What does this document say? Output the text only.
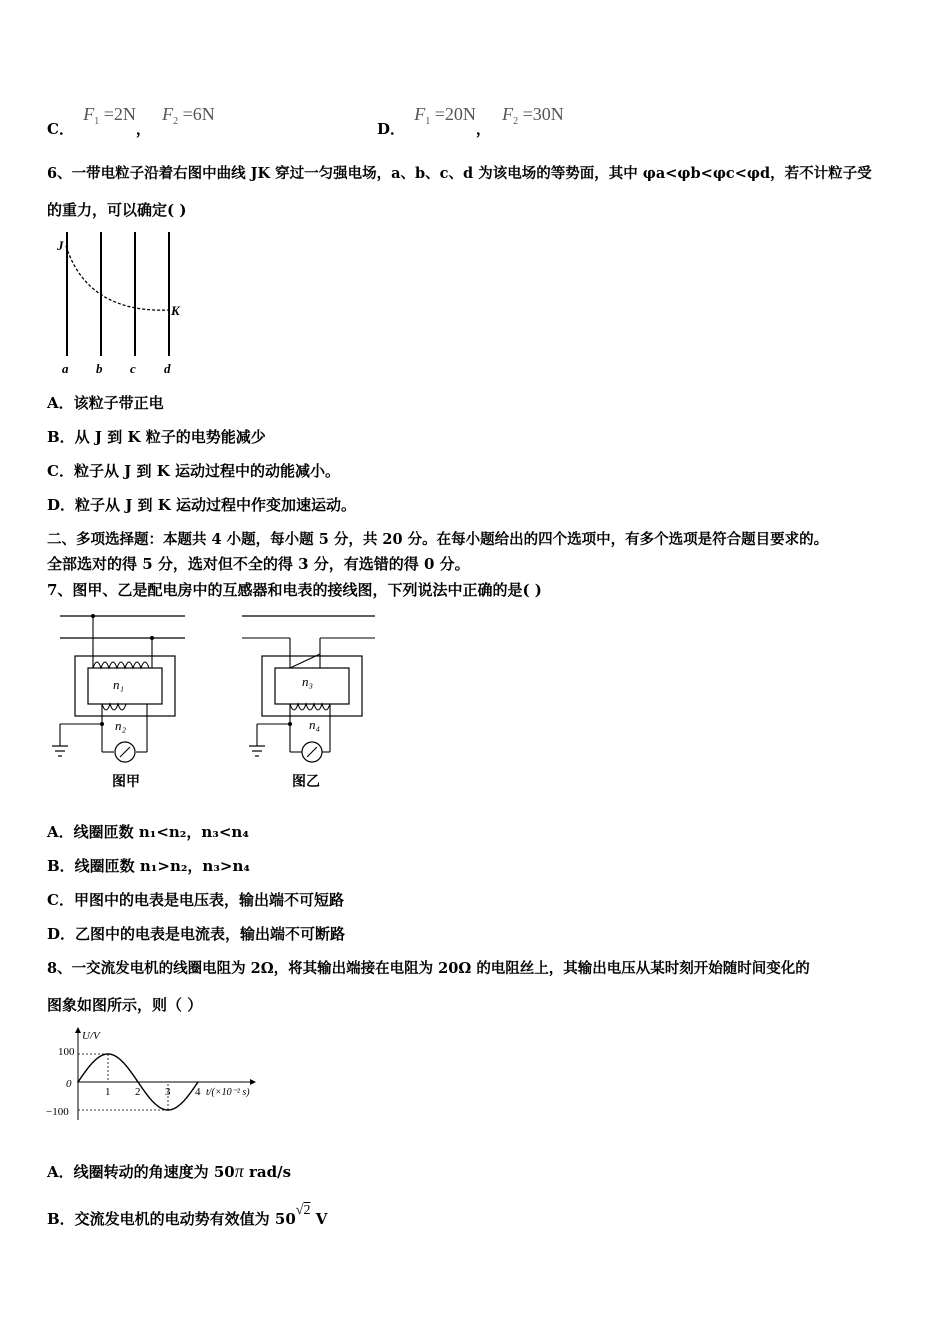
C． $F_1 =2N$， $F_2 =6N$
D． $F_1 =20N$， $F_2 =30N$
6、一带电粒子沿着右图中曲线 JK 穿过一匀强电场，a、b、c、d 为该电场的等势面，其中 φa<φb<φc<φd，若不计粒子受
的重力，可以确定( )
J
K
a b c d
A．该粒子带正电
B．从 J 到 K 粒子的电势能减少
C．粒子从 J 到 K 运动过程中的动能减小。
D．粒子从 J 到 K 运动过程中作变加速运动。
二、多项选择题：本题共 4 小题，每小题 5 分，共 20 分。在每小题给出的四个选项中，有多个选项是符合题目要求的。
全部选对的得 5 分，选对但不全的得 3 分，有选错的得 0 分。
7、图甲、乙是配电房中的互感器和电表的接线图，下列说法中正确的是( )
n₁
n₂
图甲
n₃
n₄
图乙
A．线圈匝数 n₁<n₂，n₃<n₄
B．线圈匝数 n₁>n₂，n₃>n₄
C．甲图中的电表是电压表，输出端不可短路
D．乙图中的电表是电流表，输出端不可断路
8、一交流发电机的线圈电阻为 2Ω，将其输出端接在电阻为 20Ω 的电阻丝上，其输出电压从某时刻开始随时间变化的
图象如图所示，则（ ）
U/V
t/(×10⁻² s)
100
0
−100
1 2 3 4
A．线圈转动的角速度为 50π rad/s
B．交流发电机的电动势有效值为 50√2 V
